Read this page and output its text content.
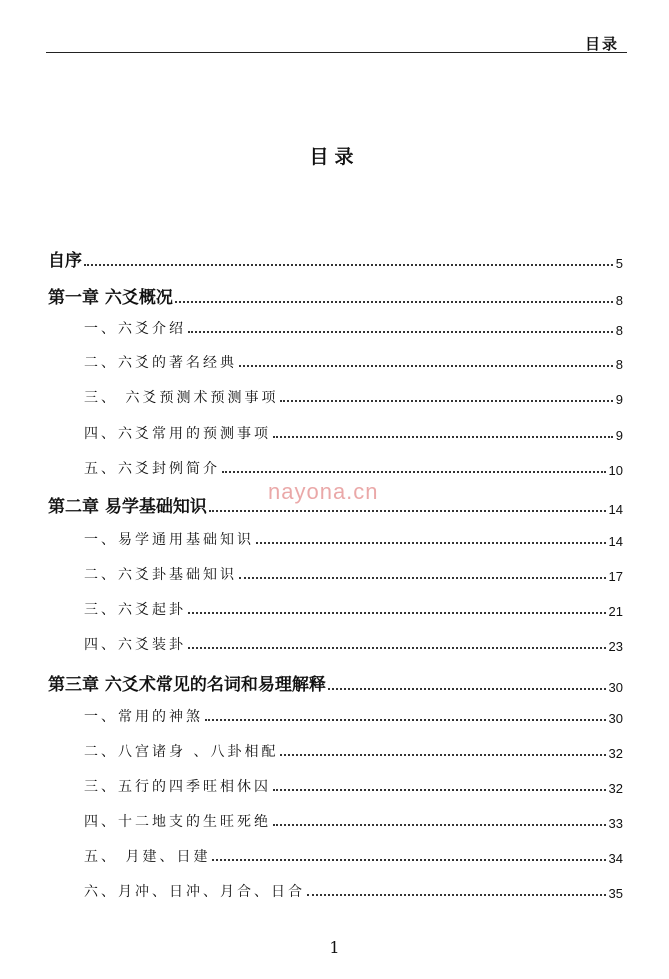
目录
目录
自序	5
第一章 六爻概况	8
一、六爻介绍	8
二、六爻的著名经典	8
三、 六爻预测术预测事项	9
四、六爻常用的预测事项	9
五、六爻封例简介	10
第二章 易学基础知识	14
一、易学通用基础知识	14
二、六爻卦基础知识	17
三、六爻起卦	21
四、六爻装卦	23
第三章 六爻术常见的名词和易理解释	30
一、常用的神煞	30
二、八宫诸身 、八卦相配	32
三、五行的四季旺相休囚	32
四、十二地支的生旺死绝	33
五、 月建、日建	34
六、月冲、日冲、月合、日合	35
nayona.cn
1
